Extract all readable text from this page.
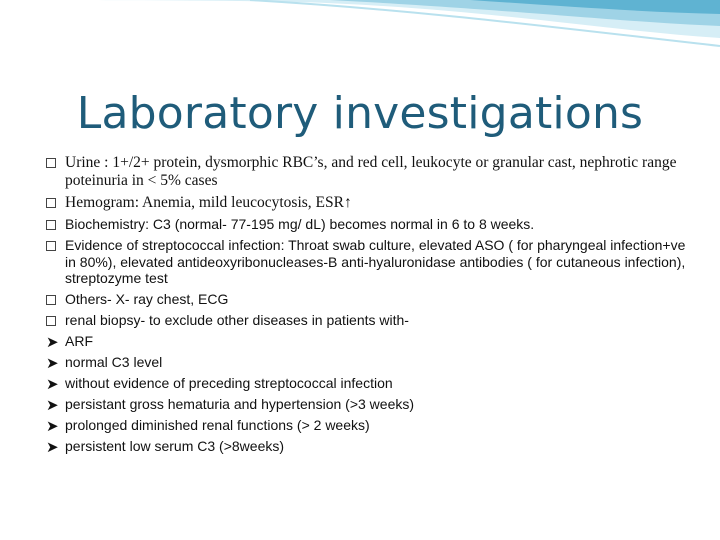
Laboratory investigations
Urine : 1+/2+ protein, dysmorphic RBC’s, and red cell, leukocyte or granular cast, nephrotic range poteinuria in < 5% cases
Hemogram: Anemia, mild leucocytosis, ESR↑
Biochemistry: C3 (normal- 77-195 mg/ dL) becomes normal in 6 to 8 weeks.
Evidence of streptococcal infection: Throat swab culture, elevated ASO ( for pharyngeal infection+ve in 80%), elevated antideoxyribonucleases-B anti-hyaluronidase antibodies ( for cutaneous infection), streptozyme test
Others- X- ray chest, ECG
renal biopsy- to exclude other diseases in patients with-
➤ ARF
➤ normal C3 level
➤ without evidence of preceding streptococcal infection
➤ persistant gross hematuria and hypertension (>3 weeks)
➤ prolonged diminished renal functions (> 2 weeks)
➤ persistent low serum C3 (>8weeks)
